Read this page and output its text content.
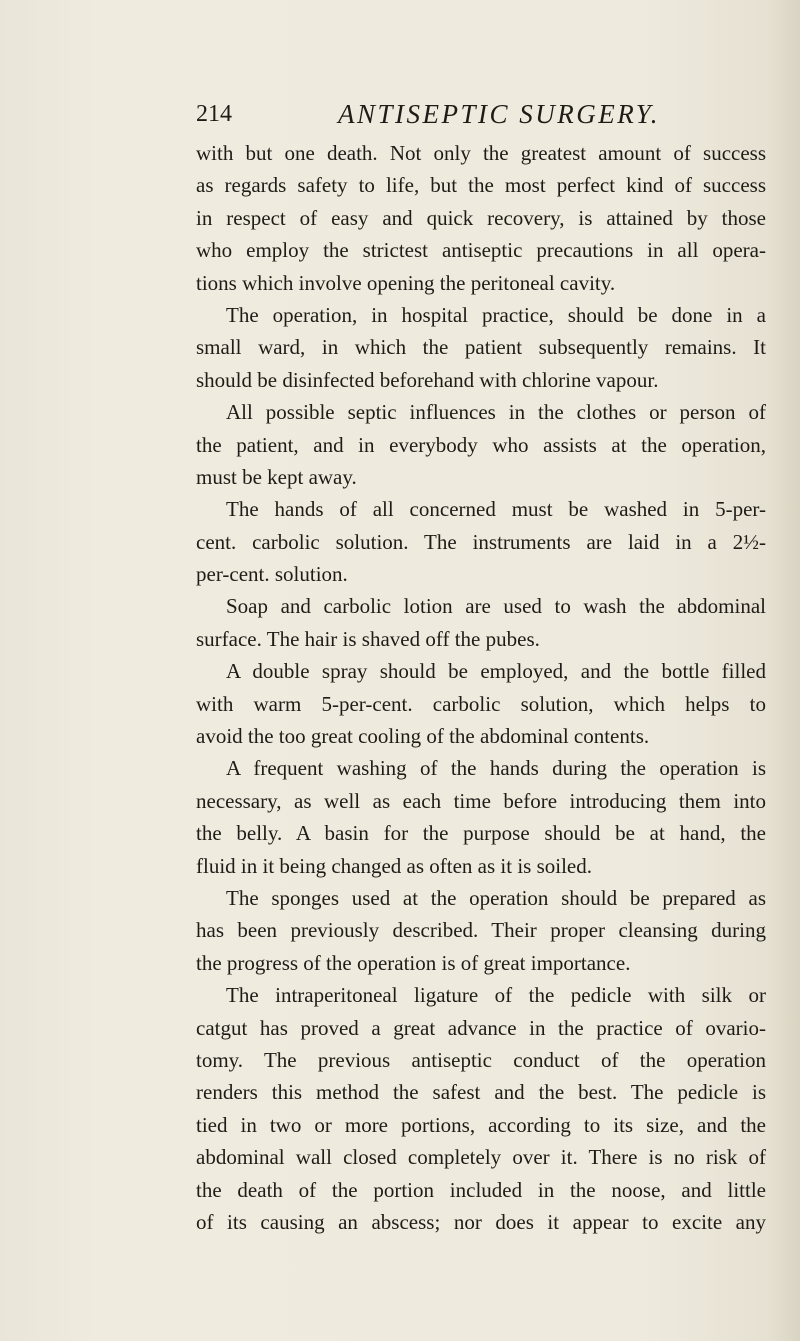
214	ANTISEPTIC SURGERY.
with but one death. Not only the greatest amount of success
as regards safety to life, but the most perfect kind of success
in respect of easy and quick recovery, is attained by those
who employ the strictest antiseptic precautions in all opera-
tions which involve opening the peritoneal cavity.
The operation, in hospital practice, should be done in a
small ward, in which the patient subsequently remains. It
should be disinfected beforehand with chlorine vapour.
All possible septic influences in the clothes or person of
the patient, and in everybody who assists at the operation,
must be kept away.
The hands of all concerned must be washed in 5-per-
cent. carbolic solution. The instruments are laid in a 2½-
per-cent. solution.
Soap and carbolic lotion are used to wash the abdominal
surface. The hair is shaved off the pubes.
A double spray should be employed, and the bottle filled
with warm 5-per-cent. carbolic solution, which helps to
avoid the too great cooling of the abdominal contents.
A frequent washing of the hands during the operation is
necessary, as well as each time before introducing them into
the belly. A basin for the purpose should be at hand, the
fluid in it being changed as often as it is soiled.
The sponges used at the operation should be prepared as
has been previously described. Their proper cleansing during
the progress of the operation is of great importance.
The intraperitoneal ligature of the pedicle with silk or
catgut has proved a great advance in the practice of ovario-
tomy. The previous antiseptic conduct of the operation
renders this method the safest and the best. The pedicle is
tied in two or more portions, according to its size, and the
abdominal wall closed completely over it. There is no risk of
the death of the portion included in the noose, and little
of its causing an abscess; nor does it appear to excite any
